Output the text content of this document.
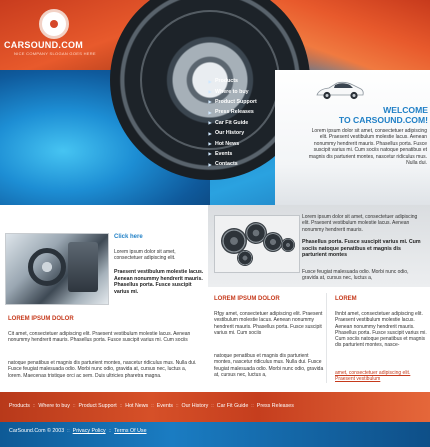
CARSOUND.COM
NICE COMPANY SLOGAN GOES HERE
▶ Products
▶ Where to buy
▶ Product Support
▶ Press Releases
▶ Car Fit Guide
▶ Our History
▶ Hot News
▶ Events
▶ Contacts
WELCOME
TO CARSOUND.COM!
Lorem ipsum dolor sit amet, consectetuer adipiscing elit. Praesent vestibulum molestie lacus. Aenean nonummy hendrerit mauris. Phasellus porta. Fusce suscipit varius mi. Cum sociis natoque penatibus et magnis dis parturient montes, nascetur ridiculus mus. Nulla dui.
Click here
Lorem ipsum dolor sit amet, consectetuer adipiscing elit.
Praesent vestibulum molestie lacus. Aenean nonummy hendrerit mauris. Phasellus porta. Fusce suscipit varius mi.
LOREM IPSUM DOLOR
Cit amet, consectetuer adipiscing elit. Praesent vestibulum molestie lacus. Aenean nonummy hendrerit mauris. Phasellus porta. Fusce suscipit varius mi. Cum sociis
natoque penatibus et magnis dis parturient montes, nascetur ridiculus mus. Nulla dui. Fusce feugiat malesuada odio. Morbi nunc odio, gravida at, cursus nec, luctus a, lorem. Maecenas tristique orci ac sem. Duis ultricies pharetra magna.
Lorem ipsum dolor sit amet, consectetuer adipiscing elit. Praesent vestibulum molestie lacus. Aenean nonummy hendrerit mauris.
Phasellus porta. Fusce suscipit varius mi. Cum sociis natoque penatibus et magnis dis parturient montes
Fusce feugiat malesuada odio. Morbi nunc odio, gravida at, cursus nec, luctus a,
LOREM IPSUM DOLOR
Rfgy amet, consectetuer adipiscing elit. Praesent vestibulum molestie lacus. Aenean nonummy hendrerit mauris. Phasellus porta. Fusce suscipit varius mi. Cum sociis
natoque penatibus et magnis dis parturient montes, nascetur ridiculus mus. Nulla dui. Fusce feugiat malesuada odio. Morbi nunc odio, gravida at, cursus nec, luctus a,
LOREM
Ihnbt amet, consectetuer adipiscing elit. Praesent vestibulum molestie lacus. Aenean nonummy hendrerit mauris. Phasellus porta. Fusce suscipit varius mi. Cum sociis natoque penatibus et magnis dis parturient montes, nasce-
amet, consectetuer adipiscing elit. Praesent vestibulum
Products :: Where to buy :: Product Support :: Hot News :: Events :: Our History :: Car Fit Guide :: Press Releases
CarSound.Com © 2003 :: Privacy Policy :: Terms Of Use
